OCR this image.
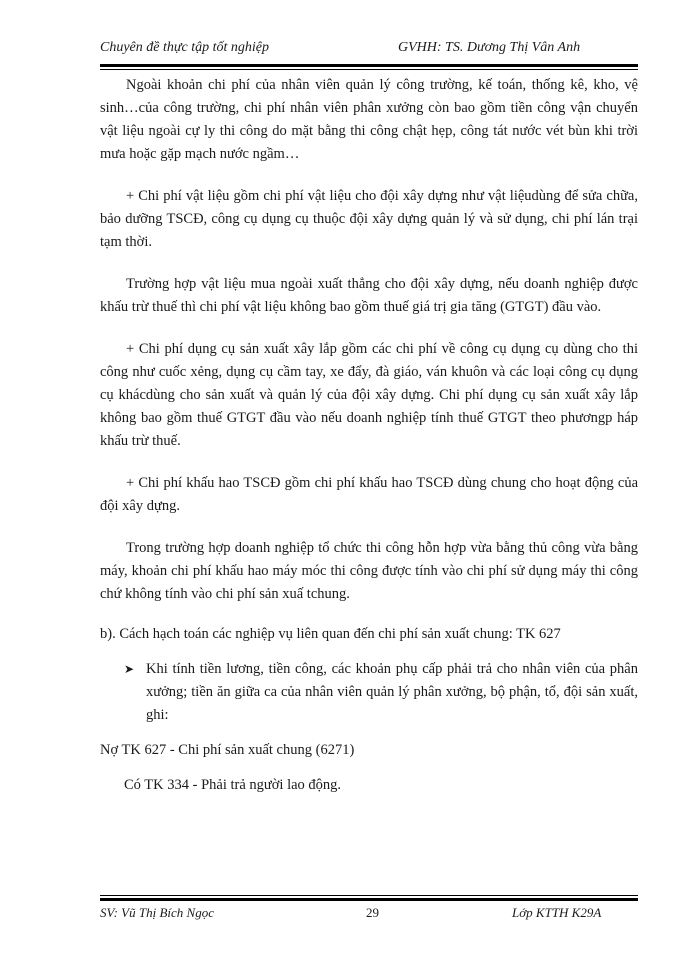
Chuyên đề thực tập tốt nghiệp	GVHH: TS. Dương Thị Vân Anh

Ngoài khoản chi phí của nhân viên quản lý công trường, kế toán, thống kê, kho, vệ sinh…của công trường, chi phí nhân viên phân xưởng còn bao gồm tiền công vận chuyển vật liệu ngoài cự ly thi công do mặt bằng thi công chật hẹp, công tát nước vét bùn khi trời mưa hoặc gặp mạch nước ngầm…

+ Chi phí vật liệu gồm chi phí vật liệu cho đội xây dựng như vật liệudùng để sửa chữa, bảo dưỡng TSCĐ, công cụ dụng cụ thuộc đội xây dựng quản lý và sử dụng, chi phí lán trại tạm thời.

Trường hợp vật liệu mua ngoài xuất thẳng cho đội xây dựng, nếu doanh nghiệp được khấu trừ thuế thì chi phí vật liệu không bao gồm thuế giá trị gia tăng (GTGT) đầu vào.

+ Chi phí dụng cụ sản xuất xây lắp gồm các chi phí về công cụ dụng cụ dùng cho thi công như cuốc xẻng, dụng cụ cầm tay, xe đẩy, đà giáo, ván khuôn và các loại công cụ dụng cụ khácdùng cho sản xuất và quản lý của đội xây dựng. Chi phí dụng cụ sản xuất xây lắp không bao gồm thuế GTGT đầu vào nếu doanh nghiệp tính thuế GTGT theo phươngp háp khấu trừ thuế.

+ Chi phí khấu hao TSCĐ gồm chi phí khấu hao TSCĐ dùng chung cho hoạt động của đội xây dựng.

Trong trường hợp doanh nghiệp tổ chức thi công hỗn hợp vừa bằng thủ công vừa bằng máy, khoản chi phí khấu hao máy móc thi công được tính vào chi phí sử dụng máy thi công chứ không tính vào chi phí sản xuấ tchung.

b). Cách hạch toán các nghiệp vụ liên quan đến chi phí sản xuất chung: TK 627

➤ Khi tính tiền lương, tiền công, các khoản phụ cấp phải trả cho nhân viên của phân xưởng; tiền ăn giữa ca của nhân viên quản lý phân xưởng, bộ phận, tổ, đội sản xuất, ghi:

Nợ TK 627 - Chi phí sản xuất chung (6271)

Có TK 334 - Phải trả người lao động.

SV: Vũ Thị Bích Ngọc	29	Lớp KTTH K29A
